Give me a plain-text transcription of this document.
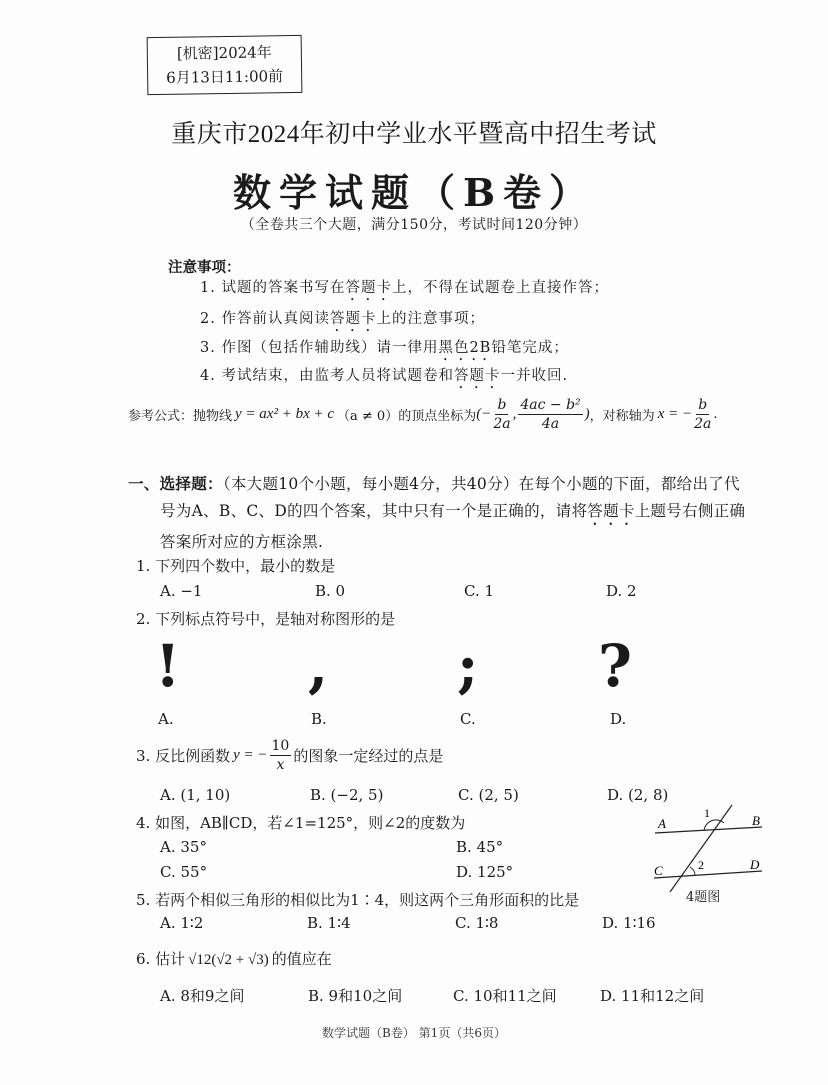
[机密]2024年
6月13日11:00前
重庆市2024年初中学业水平暨高中招生考试
数学试题（B卷）
（全卷共三个大题，满分150分，考试时间120分钟）
注意事项：
1. 试题的答案书写在答题卡上，不得在试题卷上直接作答；
2. 作答前认真阅读答题卡上的注意事项；
3. 作图（包括作辅助线）请一律用黑色2B铅笔完成；
4. 考试结束，由监考人员将试题卷和答题卡一并收回.
参考公式：抛物线 y = ax² + bx + c （a ≠ 0） 的顶点坐标为 (− $\frac{b}{2a}$ , $\frac{\text{4ac − b²}}{4a}$ ) ，对称轴为 x = − $\frac{b}{2a}$ .
一、选择题：（本大题10个小题，每小题4分，共40分）在每个小题的下面，都给出了代
号为A、B、C、D的四个答案，其中只有一个是正确的，请将答题卡上题号右侧正确
答案所对应的方框涂黑.
1. 下列四个数中，最小的数是
A. −1	B. 0	C. 1	D. 2
2. 下列标点符号中，是轴对称图形的是
! , ; ?
A.	B.	C.	D.
3. 反比例函数 y = − $\frac{10}{x}$ 的图象一定经过的点是
A. (1, 10)	B. (−2, 5)	C. (2, 5)	D. (2, 8)
4. 如图，AB∥CD，若∠1=125°，则∠2的度数为
A. 35°	B. 45°
C. 55°	D. 125°
A	B
C	D
1
2
4题图
5. 若两个相似三角形的相似比为1∶4，则这两个三角形面积的比是
A. 1∶2	B. 1∶4	C. 1∶8	D. 1∶16
6. 估计 √12(√2 + √3) 的值应在
A. 8和9之间	B. 9和10之间	C. 10和11之间	D. 11和12之间
数学试题（B卷） 第1页（共6页）
